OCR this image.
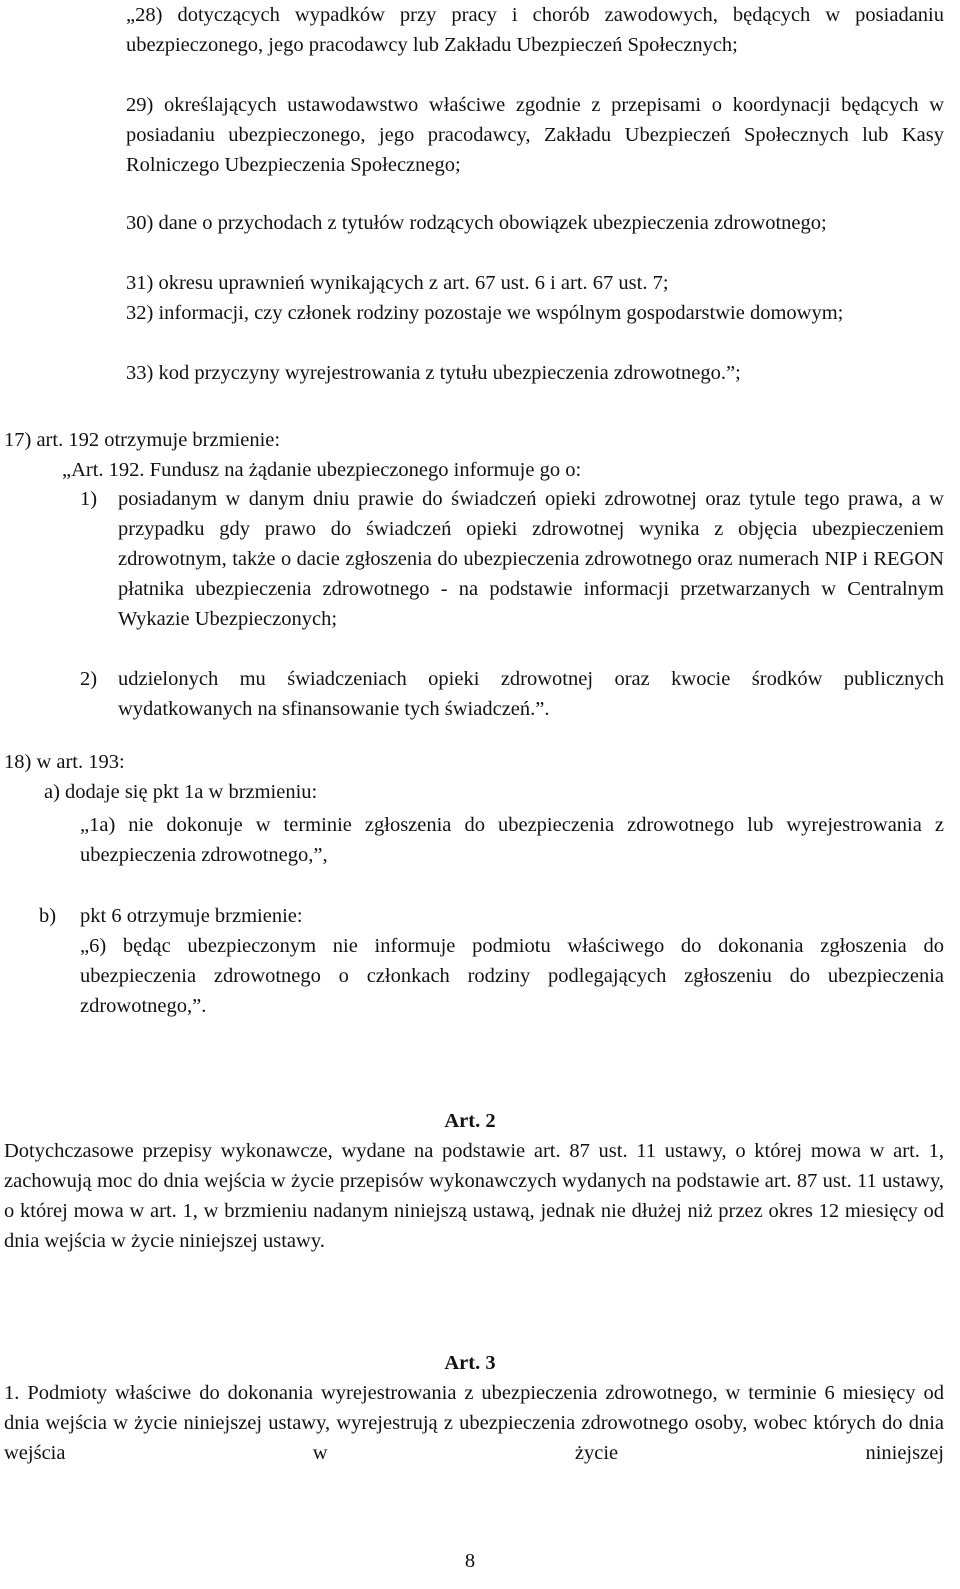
„28) dotyczących wypadków przy pracy i chorób zawodowych, będących w posiadaniu ubezpieczonego, jego pracodawcy lub Zakładu Ubezpieczeń Społecznych;

29) określających ustawodawstwo właściwe zgodnie z przepisami o koordynacji będących w posiadaniu ubezpieczonego, jego pracodawcy, Zakładu Ubezpieczeń Społecznych lub Kasy Rolniczego Ubezpieczenia Społecznego;

30) dane o przychodach z tytułów rodzących obowiązek ubezpieczenia zdrowotnego;

31) okresu uprawnień wynikających z art. 67 ust. 6 i art. 67 ust. 7;

32) informacji, czy członek rodziny pozostaje we wspólnym gospodarstwie domowym;

33) kod przyczyny wyrejestrowania z tytułu ubezpieczenia zdrowotnego.”;

17) art. 192 otrzymuje brzmienie:

„Art. 192. Fundusz na żądanie ubezpieczonego informuje go o:

1) posiadanym w danym dniu prawie do świadczeń opieki zdrowotnej oraz tytule tego prawa, a w przypadku gdy prawo do świadczeń opieki zdrowotnej wynika z objęcia ubezpieczeniem zdrowotnym, także o dacie zgłoszenia do ubezpieczenia zdrowotnego oraz numerach NIP i REGON płatnika ubezpieczenia zdrowotnego - na podstawie informacji przetwarzanych w Centralnym Wykazie Ubezpieczonych;
2) udzielonych mu świadczeniach opieki zdrowotnej oraz kwocie środków publicznych wydatkowanych na sfinansowanie tych świadczeń.”.

18) w art. 193:

a) dodaje się pkt 1a w brzmieniu:

„1a) nie dokonuje w terminie zgłoszenia do ubezpieczenia zdrowotnego lub wyrejestrowania z ubezpieczenia zdrowotnego,”,

b) pkt 6 otrzymuje brzmienie:

„6) będąc ubezpieczonym nie informuje podmiotu właściwego do dokonania zgłoszenia do ubezpieczenia zdrowotnego o członkach rodziny podlegających zgłoszeniu do ubezpieczenia zdrowotnego,”.

Art. 2

Dotychczasowe przepisy wykonawcze, wydane na podstawie art. 87 ust. 11 ustawy, o której mowa w art. 1, zachowują moc do dnia wejścia w życie przepisów wykonawczych wydanych na podstawie art. 87 ust. 11 ustawy, o której mowa w art. 1, w brzmieniu nadanym niniejszą ustawą, jednak nie dłużej niż przez okres 12 miesięcy od dnia wejścia w życie niniejszej ustawy.

Art. 3

1. Podmioty właściwe do dokonania wyrejestrowania z ubezpieczenia zdrowotnego, w terminie 6 miesięcy od dnia wejścia w życie niniejszej ustawy, wyrejestrują z ubezpieczenia zdrowotnego osoby, wobec których do dnia wejścia w życie niniejszej

8
